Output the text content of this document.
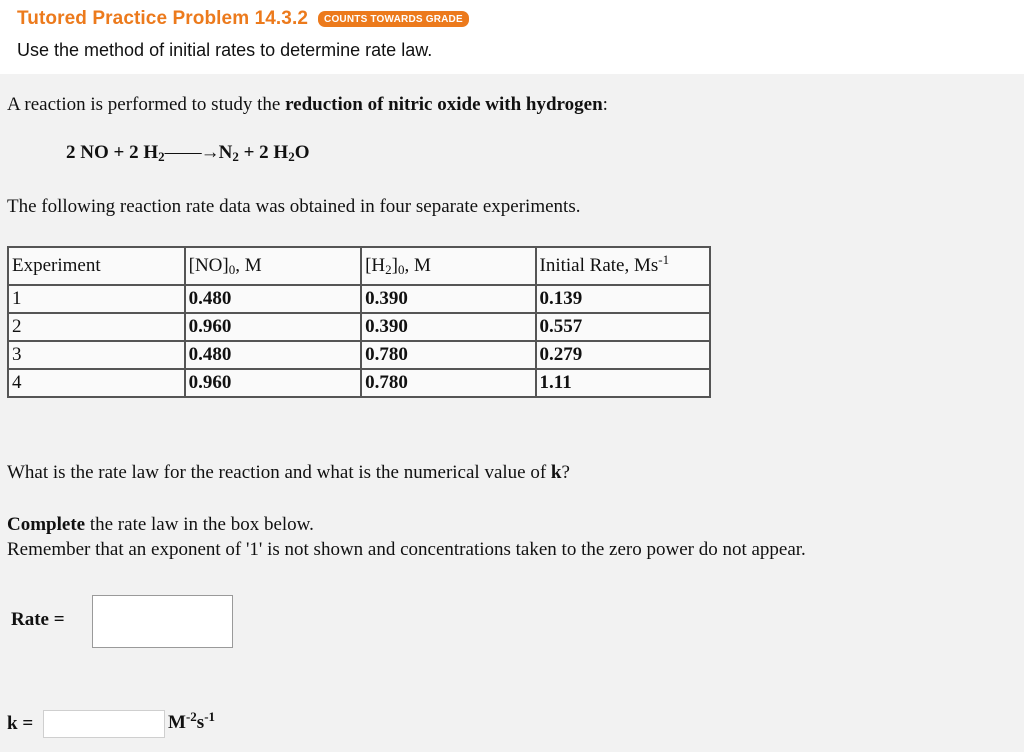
Tutored Practice Problem 14.3.2	COUNTS TOWARDS GRADE
Use the method of initial rates to determine rate law.
A reaction is performed to study the reduction of nitric oxide with hydrogen:
2 NO + 2 $H_2——\to N_2 + 2$ $H_2O$
The following reaction rate data was obtained in four separate experiments.
Experiment	$[NO]_0$, M	$[H_2]_0$, M	Initial Rate, $Ms^{-1}$
1	0.480	0.390	0.139
2	0.960	0.390	0.557
3	0.480	0.780	0.279
4	0.960	0.780	1.11
What is the rate law for the reaction and what is the numerical value of k?
Complete the rate law in the box below.
Remember that an exponent of '1' is not shown and concentrations taken to the zero power do not appear.
Rate =
k =	$M^{-2}s^{-1}$
